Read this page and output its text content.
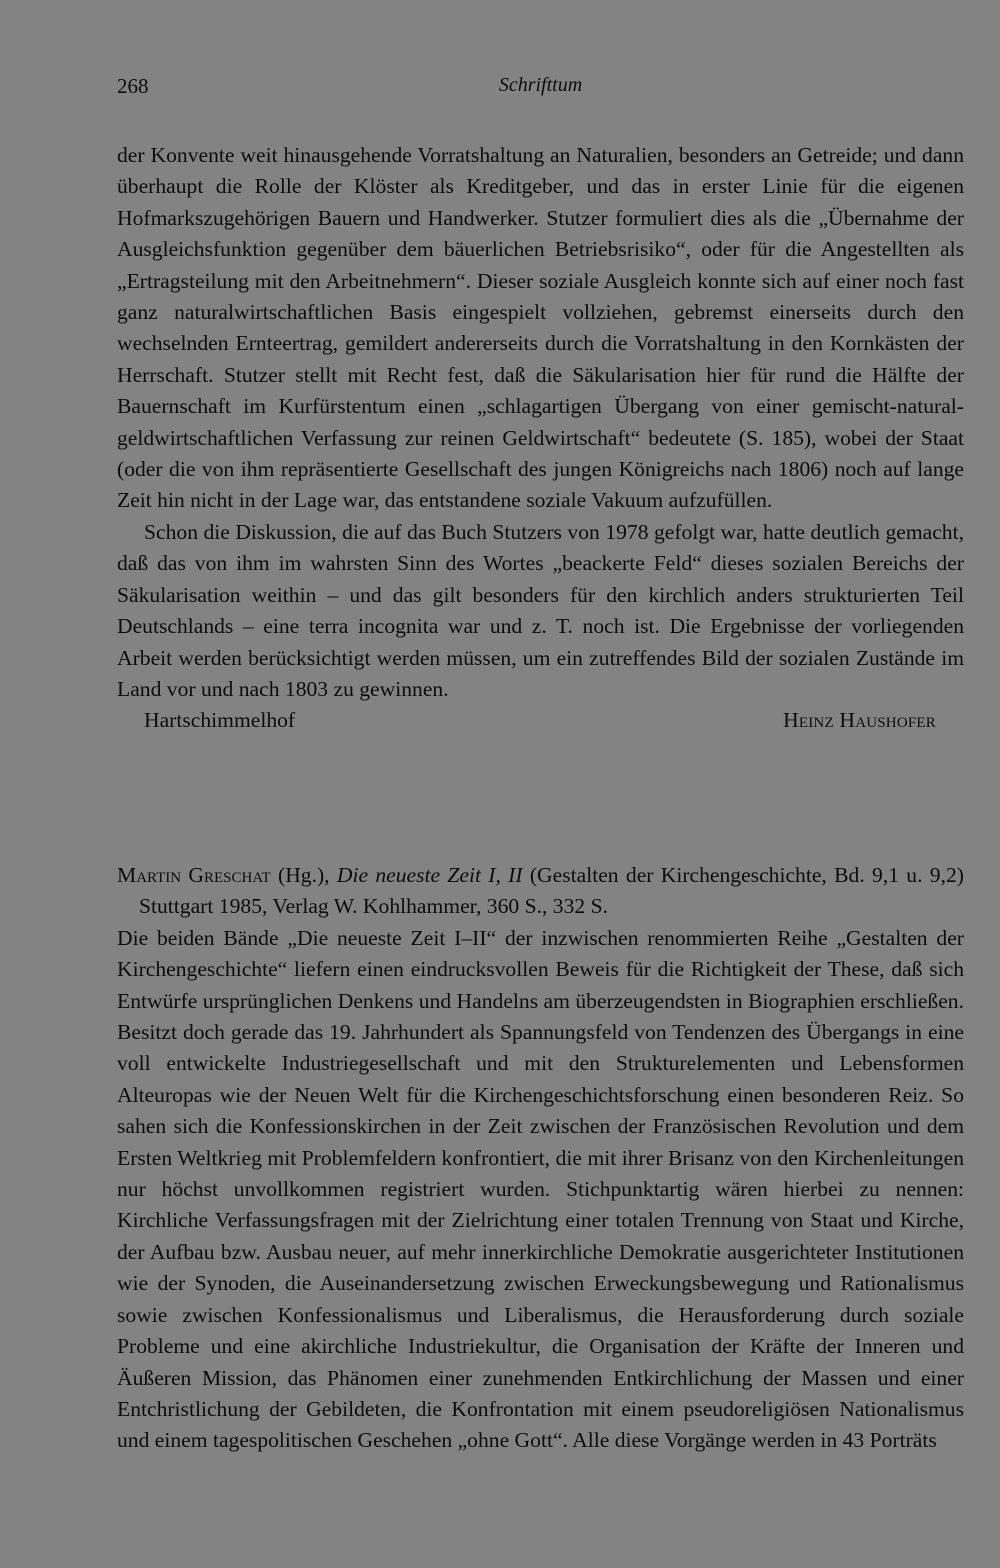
268	Schrifttum

der Konvente weit hinausgehende Vorratshaltung an Naturalien, besonders an Getreide; und dann überhaupt die Rolle der Klöster als Kreditgeber, und das in erster Linie für die eigenen Hofmarkszugehörigen Bauern und Handwerker. Stutzer formuliert dies als die „Übernahme der Ausgleichsfunktion gegenüber dem bäuerlichen Betriebsrisiko“, oder für die Angestellten als „Ertragsteilung mit den Arbeitnehmern“. Dieser soziale Ausgleich konnte sich auf einer noch fast ganz naturalwirtschaftlichen Basis eingespielt vollziehen, gebremst einerseits durch den wechselnden Ernteertrag, gemildert andererseits durch die Vorratshaltung in den Kornkästen der Herrschaft. Stutzer stellt mit Recht fest, daß die Säkularisation hier für rund die Hälfte der Bauernschaft im Kurfürstentum einen „schlagartigen Übergang von einer gemischt-natural-geldwirtschaftlichen Verfassung zur reinen Geldwirtschaft“ bedeutete (S. 185), wobei der Staat (oder die von ihm repräsentierte Gesellschaft des jungen Königreichs nach 1806) noch auf lange Zeit hin nicht in der Lage war, das entstandene soziale Vakuum aufzufüllen.

Schon die Diskussion, die auf das Buch Stutzers von 1978 gefolgt war, hatte deutlich gemacht, daß das von ihm im wahrsten Sinn des Wortes „beackerte Feld“ dieses sozialen Bereichs der Säkularisation weithin – und das gilt besonders für den kirchlich anders strukturierten Teil Deutschlands – eine terra incognita war und z. T. noch ist. Die Ergebnisse der vorliegenden Arbeit werden berücksichtigt werden müssen, um ein zutreffendes Bild der sozialen Zustände im Land vor und nach 1803 zu gewinnen.

Hartschimmelhof	Heinz Haushofer

Martin Greschat (Hg.), Die neueste Zeit I, II (Gestalten der Kirchengeschichte, Bd. 9,1 u. 9,2) Stuttgart 1985, Verlag W. Kohlhammer, 360 S., 332 S.

Die beiden Bände „Die neueste Zeit I–II“ der inzwischen renommierten Reihe „Gestalten der Kirchengeschichte“ liefern einen eindrucksvollen Beweis für die Richtigkeit der These, daß sich Entwürfe ursprünglichen Denkens und Handelns am überzeugendsten in Biographien erschließen. Besitzt doch gerade das 19. Jahrhundert als Spannungsfeld von Tendenzen des Übergangs in eine voll entwickelte Industriegesellschaft und mit den Strukturelementen und Lebensformen Alteuropas wie der Neuen Welt für die Kirchengeschichtsforschung einen besonderen Reiz. So sahen sich die Konfessionskirchen in der Zeit zwischen der Französischen Revolution und dem Ersten Weltkrieg mit Problemfeldern konfrontiert, die mit ihrer Brisanz von den Kirchenleitungen nur höchst unvollkommen registriert wurden. Stichpunktartig wären hierbei zu nennen: Kirchliche Verfassungsfragen mit der Zielrichtung einer totalen Trennung von Staat und Kirche, der Aufbau bzw. Ausbau neuer, auf mehr innerkirchliche Demokratie ausgerichteter Institutionen wie der Synoden, die Auseinandersetzung zwischen Erweckungsbewegung und Rationalismus sowie zwischen Konfessionalismus und Liberalismus, die Herausforderung durch soziale Probleme und eine akirchliche Industriekultur, die Organisation der Kräfte der Inneren und Äußeren Mission, das Phänomen einer zunehmenden Entkirchlichung der Massen und einer Entchristlichung der Gebildeten, die Konfrontation mit einem pseudoreligiösen Nationalismus und einem tagespolitischen Geschehen „ohne Gott“. Alle diese Vorgänge werden in 43 Porträts
